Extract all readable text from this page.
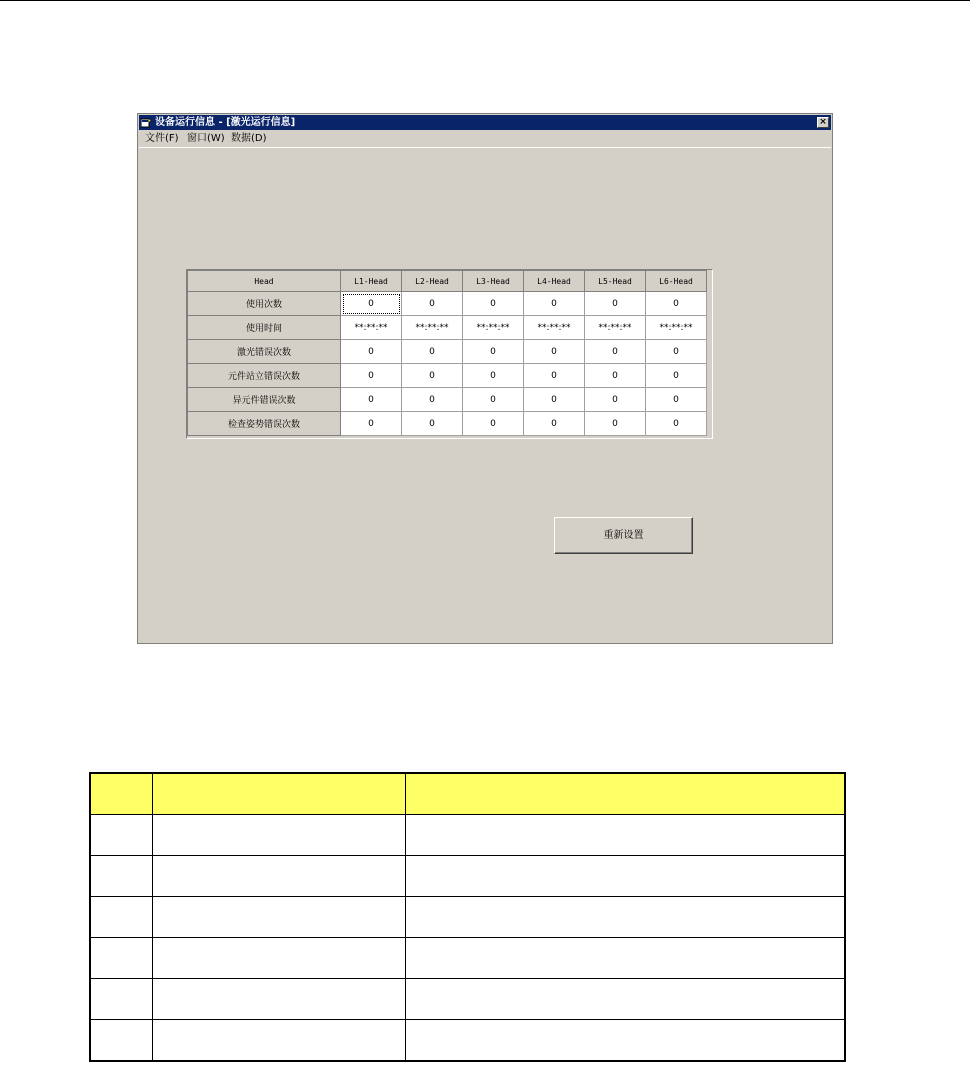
设备运行信息 - [激光运行信息]	×
文件(F) 窗口(W) 数据(D)
Head	L1-Head	L2-Head	L3-Head	L4-Head	L5-Head	L6-Head
使用次数	0	0	0	0	0	0
使用时间	**:**:**	**:**:**	**:**:**	**:**:**	**:**:**	**:**:**
激光错误次数	0	0	0	0	0	0
元件站立错误次数	0	0	0	0	0	0
异元件错误次数	0	0	0	0	0	0
检查姿势错误次数	0	0	0	0	0	0
重新设置
